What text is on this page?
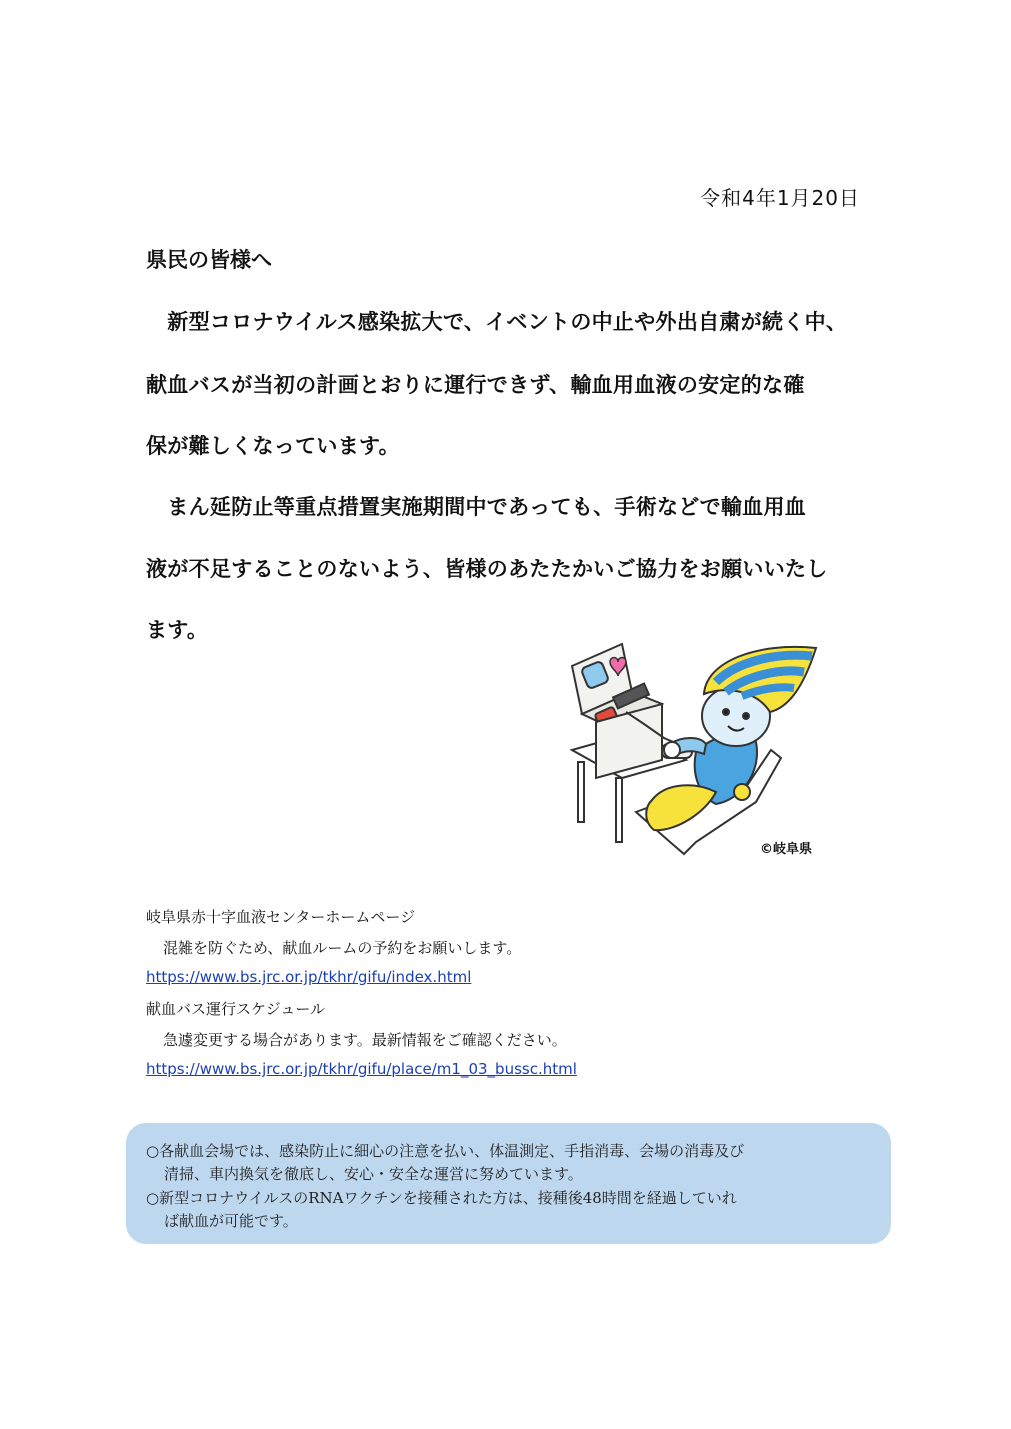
令和4年1月20日
県民の皆様へ
　新型コロナウイルス感染拡大で、イベントの中止や外出自粛が続く中、
献血バスが当初の計画とおりに運行できず、輸血用血液の安定的な確
保が難しくなっています。
　まん延防止等重点措置実施期間中であっても、手術などで輸血用血
液が不足することのないよう、皆様のあたたかいご協力をお願いいたし
ます。
©岐阜県
岐阜県赤十字血液センターホームページ
混雑を防ぐため、献血ルームの予約をお願いします。
https://www.bs.jrc.or.jp/tkhr/gifu/index.html
献血バス運行スケジュール
急遽変更する場合があります。最新情報をご確認ください。
https://www.bs.jrc.or.jp/tkhr/gifu/place/m1_03_bussc.html
○各献血会場では、感染防止に細心の注意を払い、体温測定、手指消毒、会場の消毒及び
清掃、車内換気を徹底し、安心・安全な運営に努めています。
○新型コロナウイルスのRNAワクチンを接種された方は、接種後48時間を経過していれ
ば献血が可能です。
